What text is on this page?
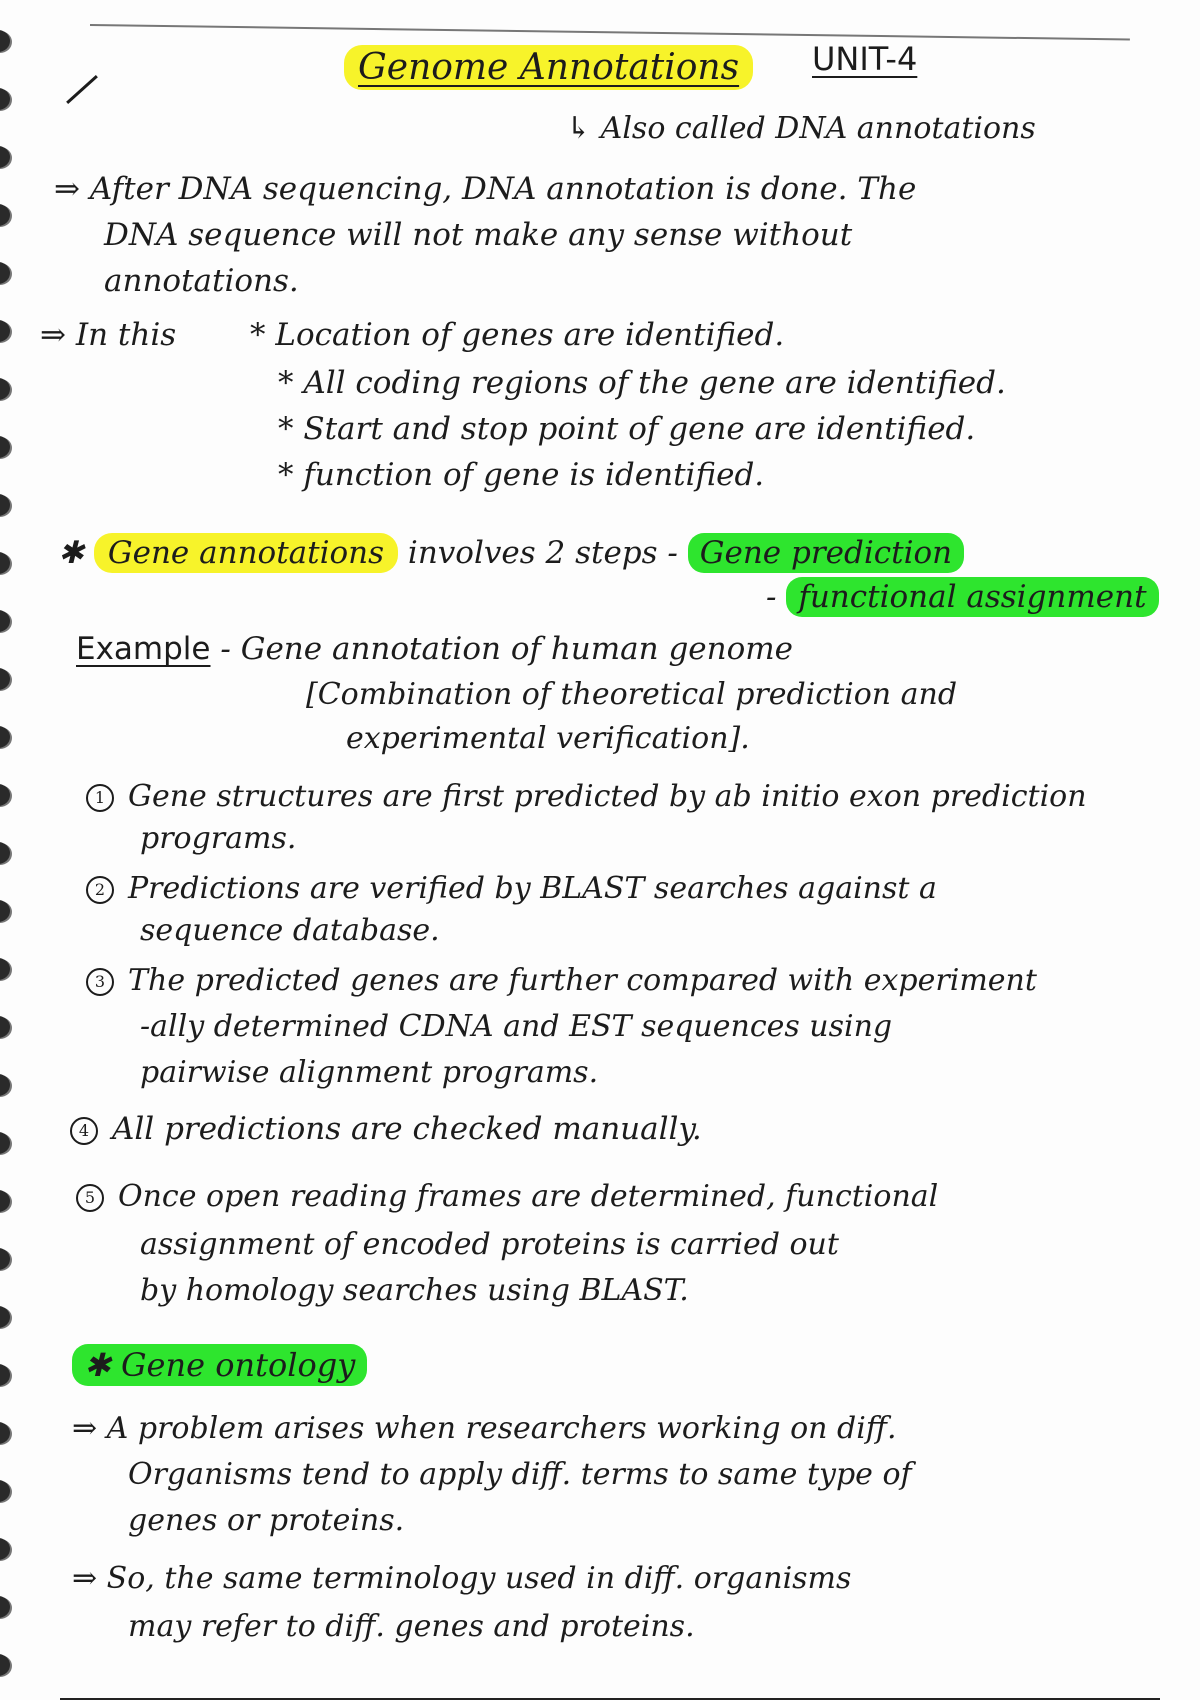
Genome Annotations	UNIT-4
↳ Also called DNA annotations
⇒ After DNA sequencing, DNA annotation is done. The
DNA sequence will not make any sense without
annotations.
⇒ In this * Location of genes are identified.
* All coding regions of the gene are identified.
* Start and stop point of gene are identified.
* function of gene is identified.
✱ Gene annotations involves 2 steps - Gene prediction
- functional assignment
Example - Gene annotation of human genome
[Combination of theoretical prediction and
experimental verification].
1 Gene structures are first predicted by ab initio exon prediction
programs.
2 Predictions are verified by BLAST searches against a
sequence database.
3 The predicted genes are further compared with experiment
-ally determined CDNA and EST sequences using
pairwise alignment programs.
4 All predictions are checked manually.
5 Once open reading frames are determined, functional
assignment of encoded proteins is carried out
by homology searches using BLAST.
✱ Gene ontology
⇒ A problem arises when researchers working on diff.
Organisms tend to apply diff. terms to same type of
genes or proteins.
⇒ So, the same terminology used in diff. organisms
may refer to diff. genes and proteins.
